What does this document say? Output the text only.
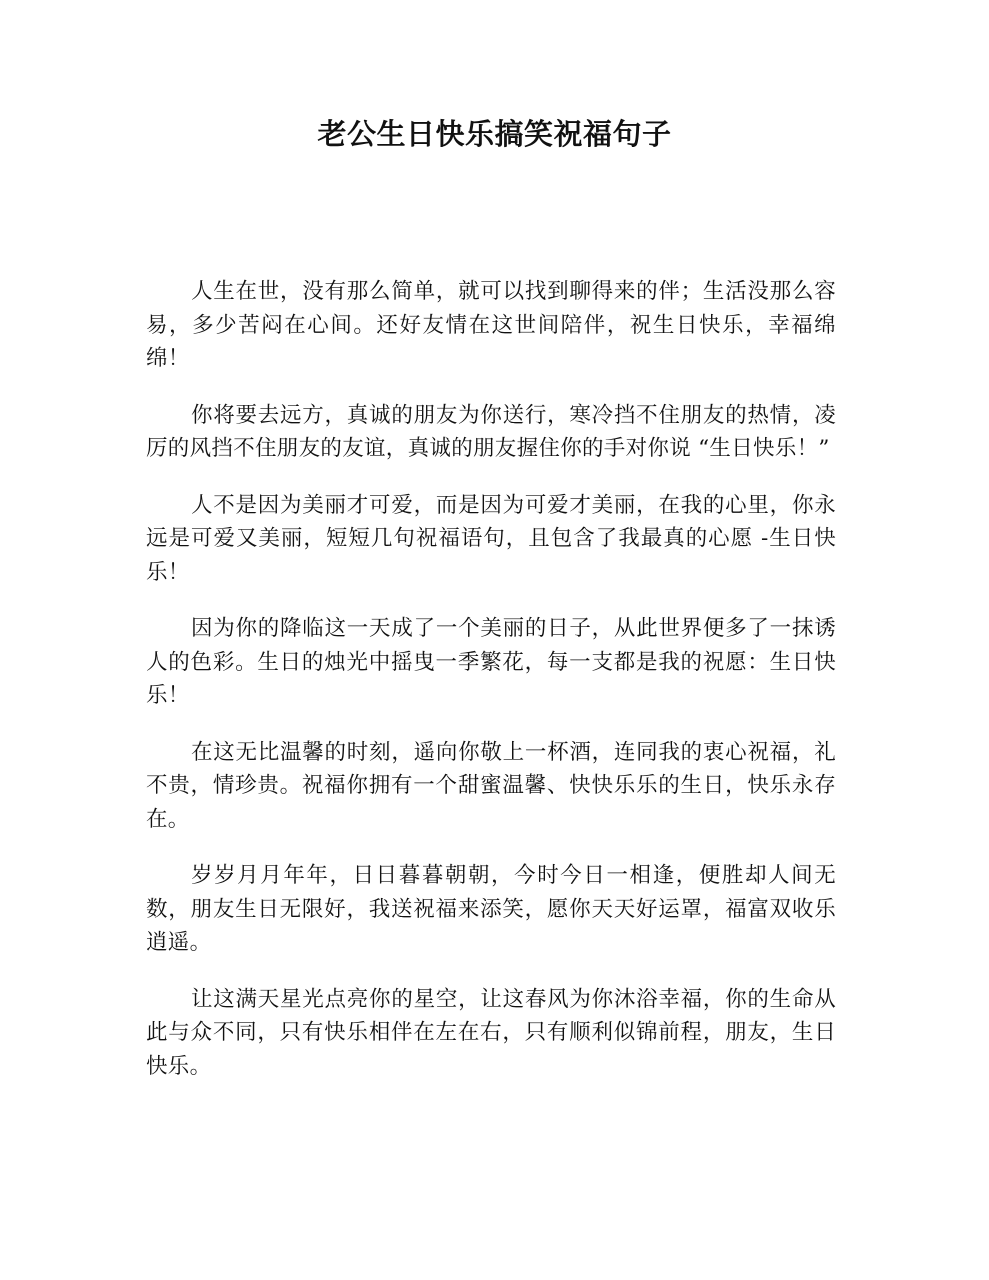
老公生日快乐搞笑祝福句子

人生在世，没有那么简单，就可以找到聊得来的伴；生活没那么容易，多少苦闷在心间。还好友情在这世间陪伴，祝生日快乐，幸福绵绵！

你将要去远方，真诚的朋友为你送行，寒冷挡不住朋友的热情，凌厉的风挡不住朋友的友谊，真诚的朋友握住你的手对你说 “生日快乐！”

人不是因为美丽才可爱，而是因为可爱才美丽，在我的心里，你永远是可爱又美丽，短短几句祝福语句，且包含了我最真的心愿 -生日快乐！

因为你的降临这一天成了一个美丽的日子，从此世界便多了一抹诱人的色彩。生日的烛光中摇曳一季繁花，每一支都是我的祝愿：生日快乐！

在这无比温馨的时刻，遥向你敬上一杯酒，连同我的衷心祝福，礼不贵，情珍贵。祝福你拥有一个甜蜜温馨、快快乐乐的生日，快乐永存在。

岁岁月月年年，日日暮暮朝朝，今时今日一相逢，便胜却人间无数，朋友生日无限好，我送祝福来添笑，愿你天天好运罩，福富双收乐逍遥。

让这满天星光点亮你的星空，让这春风为你沐浴幸福，你的生命从此与众不同，只有快乐相伴在左在右，只有顺利似锦前程，朋友，生日快乐。
